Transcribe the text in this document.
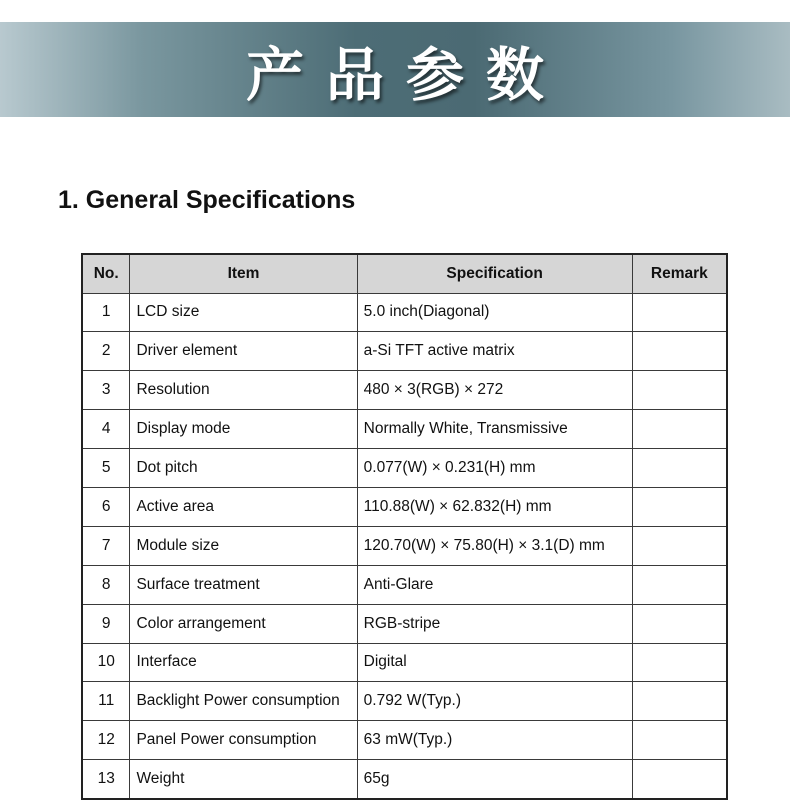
产品参数
1. General Specifications
No.	Item	Specification	Remark
1	LCD size	5.0 inch(Diagonal)	
2	Driver element	a-Si TFT active matrix	
3	Resolution	480 × 3(RGB) × 272	
4	Display mode	Normally White, Transmissive	
5	Dot pitch	0.077(W) × 0.231(H) mm	
6	Active area	110.88(W) × 62.832(H) mm	
7	Module size	120.70(W) × 75.80(H) × 3.1(D) mm	
8	Surface treatment	Anti-Glare	
9	Color arrangement	RGB-stripe	
10	Interface	Digital	
11	Backlight Power consumption	0.792 W(Typ.)	
12	Panel Power consumption	63 mW(Typ.)	
13	Weight	65g	
